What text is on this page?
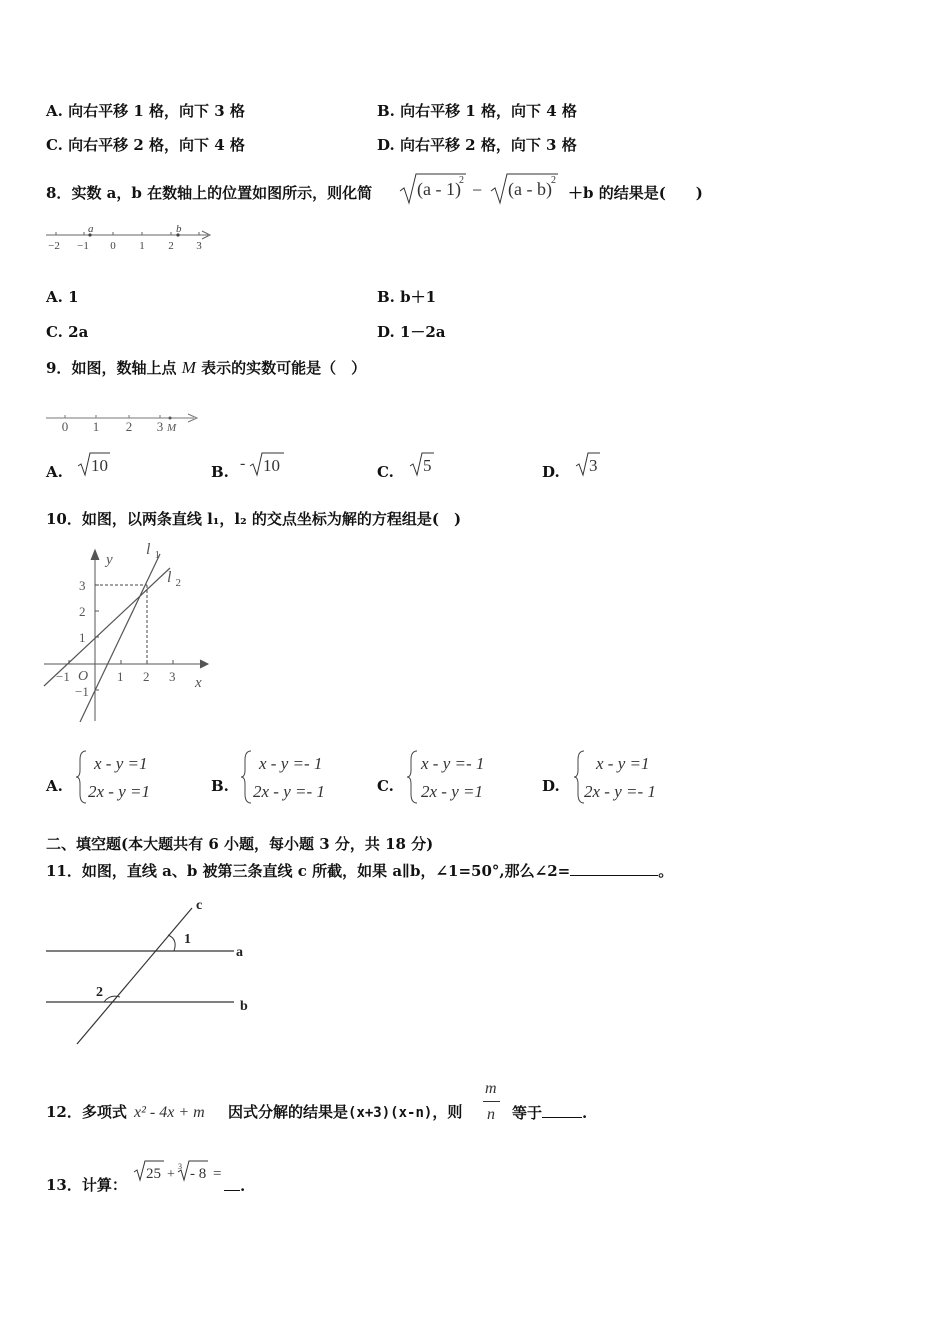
A. 向右平移 1 格，向下 3 格	B. 向右平移 1 格，向下 4 格
C. 向右平移 2 格，向下 4 格	D. 向右平移 2 格，向下 3 格
8．实数 a，b 在数轴上的位置如图所示，则化简 (a - 1)
2 − (a - b) 2
＋b 的结果是(　　)
−2 −1 0 1 2 3
a	b
A. 1	B. b＋1
C. 2a	D. 1－2a
9．如图，数轴上点 M 表示的实数可能是（　）
0 1 2 3 M
A. 10	B. - 10	C. 5	D. 3
10．如图，以两条直线 l₁，l₂ 的交点坐标为解的方程组是(　)
y
x
O
l $_1$
l $_2$
3
2
1
−1
−1	1 2 3
A.
x - y =1
2x - y =1	B.
x - y =- 1
2x - y =- 1	C.
x - y =- 1
2x - y =1	D.
x - y =1
2x - y =- 1
二、填空题(本大题共有 6 小题，每小题 3 分，共 18 分)
11．如图，直线 a、b 被第三条直线 c 所截，如果 a∥b，∠1=50°,那么∠2=	。
c
a
b
1
2
12．多项式 x² - 4x + m 因式分解的结果是(x+3)(x-n)，则
m
n 等于	.
13．计算：
25 +
3 - 8 =
.
